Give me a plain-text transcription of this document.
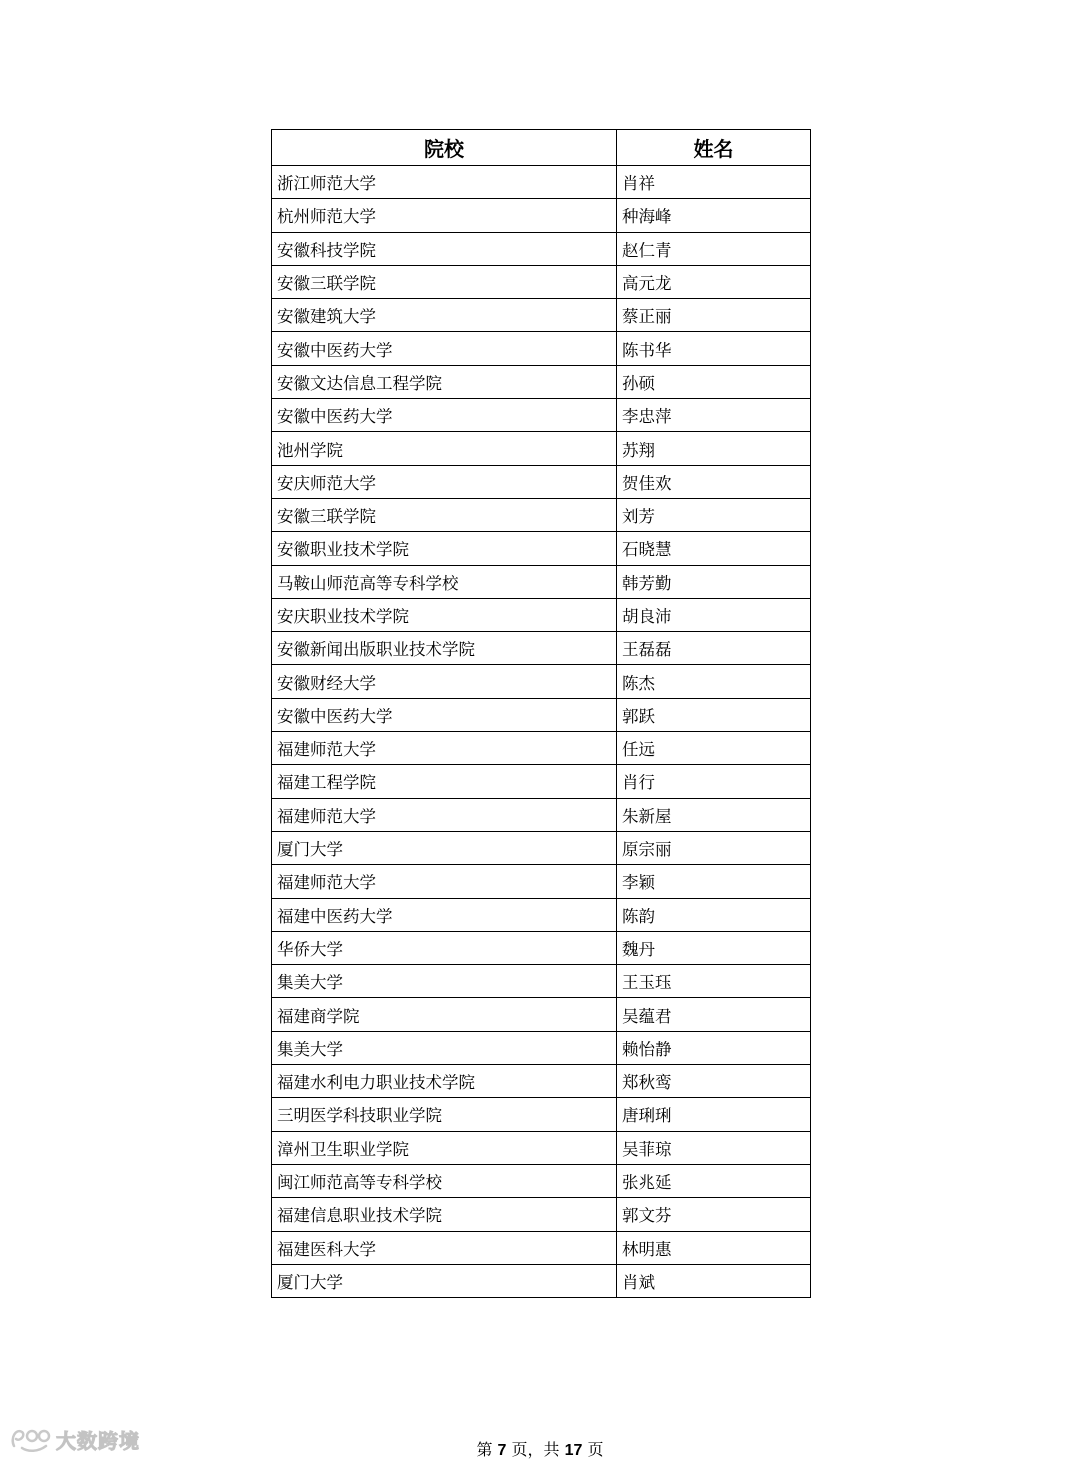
院校	姓名
浙江师范大学	肖祥
杭州师范大学	种海峰
安徽科技学院	赵仁青
安徽三联学院	高元龙
安徽建筑大学	蔡正丽
安徽中医药大学	陈书华
安徽文达信息工程学院	孙硕
安徽中医药大学	李忠萍
池州学院	苏翔
安庆师范大学	贺佳欢
安徽三联学院	刘芳
安徽职业技术学院	石晓慧
马鞍山师范高等专科学校	韩芳勤
安庆职业技术学院	胡良沛
安徽新闻出版职业技术学院	王磊磊
安徽财经大学	陈杰
安徽中医药大学	郭跃
福建师范大学	任远
福建工程学院	肖行
福建师范大学	朱新屋
厦门大学	原宗丽
福建师范大学	李颖
福建中医药大学	陈韵
华侨大学	魏丹
集美大学	王玉珏
福建商学院	吴蕴君
集美大学	赖怡静
福建水利电力职业技术学院	郑秋鸾
三明医学科技职业学院	唐琍琍
漳州卫生职业学院	吴菲琼
闽江师范高等专科学校	张兆延
福建信息职业技术学院	郭文芬
福建医科大学	林明惠
厦门大学	肖斌
第 7 页，共 17 页
大数跨境
